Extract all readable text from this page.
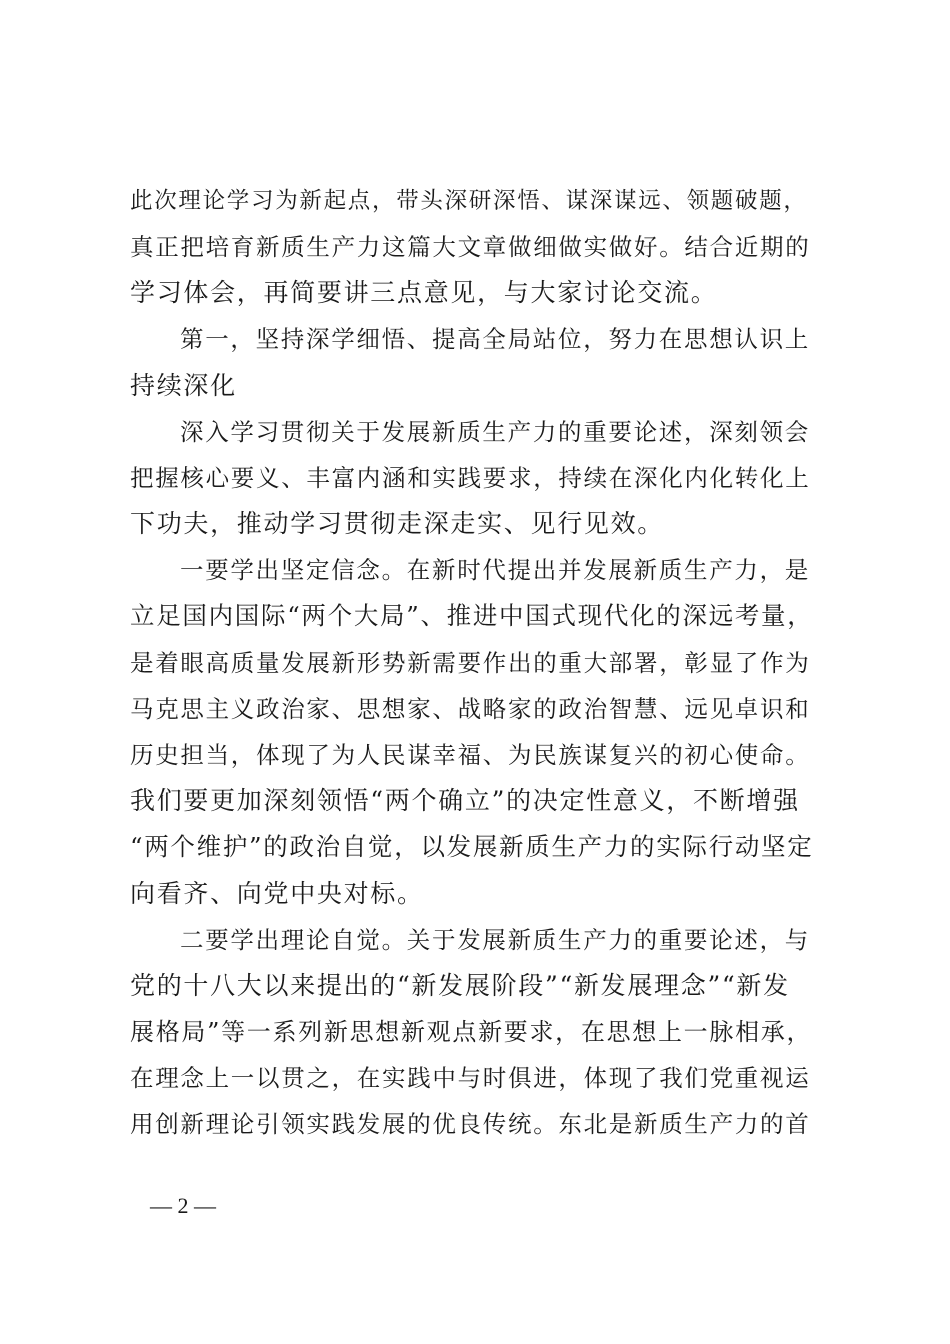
此次理论学习为新起点，带头深研深悟、谋深谋远、领题破题，
真正把培育新质生产力这篇大文章做细做实做好。结合近期的
学习体会，再简要讲三点意见，与大家讨论交流。
第一，坚持深学细悟、提高全局站位，努力在思想认识上
持续深化
深入学习贯彻关于发展新质生产力的重要论述，深刻领会
把握核心要义、丰富内涵和实践要求，持续在深化内化转化上
下功夫，推动学习贯彻走深走实、见行见效。
一要学出坚定信念。在新时代提出并发展新质生产力，是
立足国内国际“两个大局”、推进中国式现代化的深远考量，
是着眼高质量发展新形势新需要作出的重大部署，彰显了作为
马克思主义政治家、思想家、战略家的政治智慧、远见卓识和
历史担当，体现了为人民谋幸福、为民族谋复兴的初心使命。
我们要更加深刻领悟“两个确立”的决定性意义，不断增强
“两个维护”的政治自觉，以发展新质生产力的实际行动坚定
向看齐、向党中央对标。
二要学出理论自觉。关于发展新质生产力的重要论述，与
党的十八大以来提出的“新发展阶段”“新发展理念”“新发
展格局”等一系列新思想新观点新要求，在思想上一脉相承，
在理念上一以贯之，在实践中与时俱进，体现了我们党重视运
用创新理论引领实践发展的优良传统。东北是新质生产力的首
— 2 —
